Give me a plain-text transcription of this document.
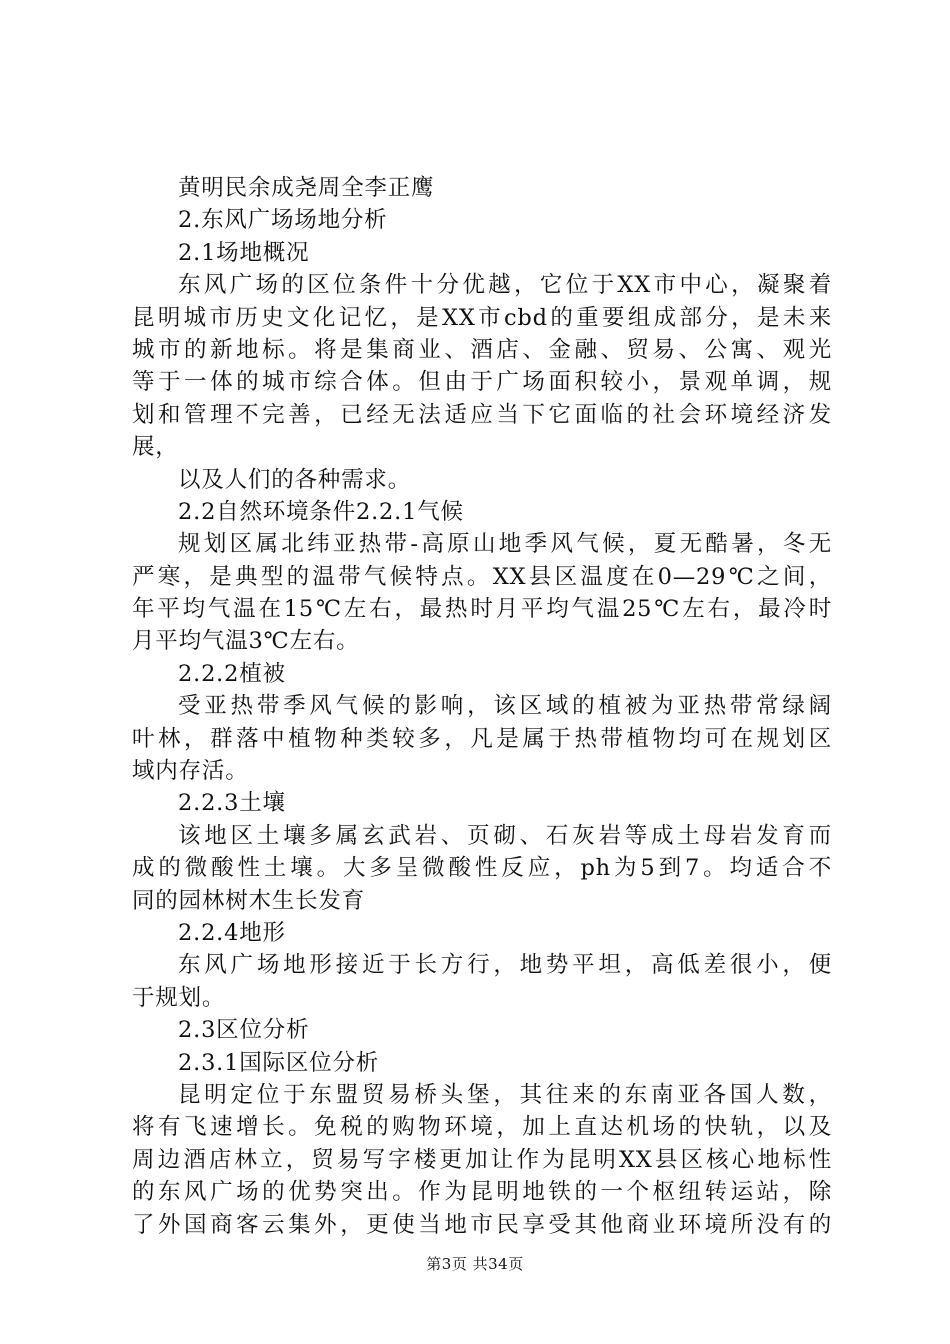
黄明民余成尧周全李正鹰
2.东风广场场地分析
2.1场地概况
东风广场的区位条件十分优越，它位于XX市中心，凝聚着
昆明城市历史文化记忆，是XX市cbd的重要组成部分，是未来
城市的新地标。将是集商业、酒店、金融、贸易、公寓、观光
等于一体的城市综合体。但由于广场面积较小，景观单调，规
划和管理不完善，已经无法适应当下它面临的社会环境经济发
展，
以及人们的各种需求。
2.2自然环境条件2.2.1气候
规划区属北纬亚热带-高原山地季风气候，夏无酷暑，冬无
严寒，是典型的温带气候特点。XX县区温度在0—29℃之间，
年平均气温在15℃左右，最热时月平均气温25℃左右，最冷时
月平均气温3℃左右。
2.2.2植被
受亚热带季风气候的影响，该区域的植被为亚热带常绿阔
叶林，群落中植物种类较多，凡是属于热带植物均可在规划区
域内存活。
2.2.3土壤
该地区土壤多属玄武岩、页砌、石灰岩等成土母岩发育而
成的微酸性土壤。大多呈微酸性反应，ph为5到7。均适合不
同的园林树木生长发育
2.2.4地形
东风广场地形接近于长方行，地势平坦，高低差很小，便
于规划。
2.3区位分析
2.3.1国际区位分析
昆明定位于东盟贸易桥头堡，其往来的东南亚各国人数，
将有飞速增长。免税的购物环境，加上直达机场的快轨，以及
周边酒店林立，贸易写字楼更加让作为昆明XX县区核心地标性
的东风广场的优势突出。作为昆明地铁的一个枢纽转运站，除
了外国商客云集外，更使当地市民享受其他商业环境所没有的
第3页 共34页
